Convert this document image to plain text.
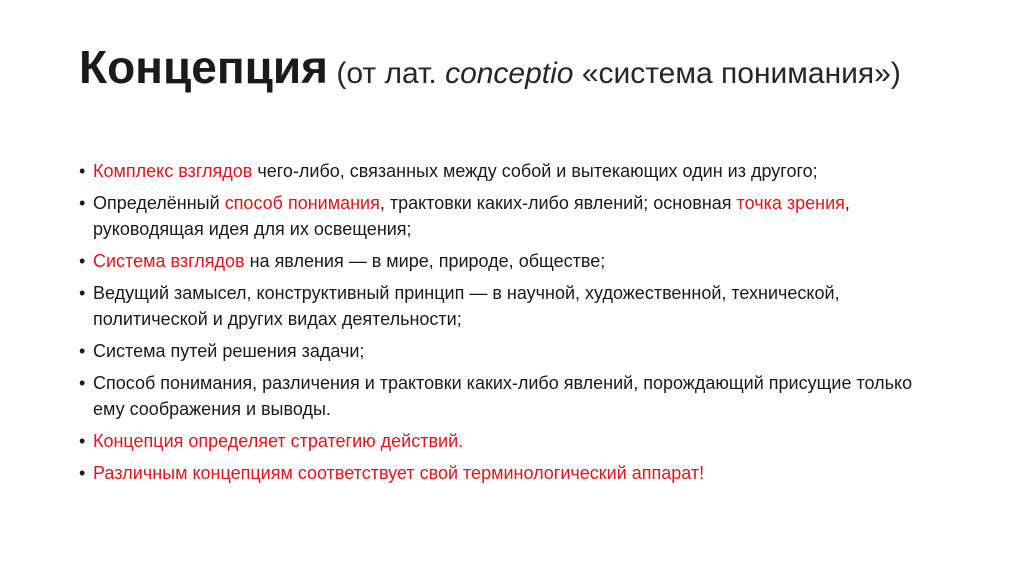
Концепция (от лат. conceptio «система понимания»)
• Комплекс взглядов чего-либо, связанных между собой и вытекающих один из другого;
• Определённый способ понимания, трактовки каких-либо явлений; основная точка зрения, руководящая идея для их освещения;
• Система взглядов на явления — в мире, природе, обществе;
• Ведущий замысел, конструктивный принцип — в научной, художественной, технической, политической и других видах деятельности;
• Система путей решения задачи;
• Способ понимания, различения и трактовки каких-либо явлений, порождающий присущие только ему соображения и выводы.
• Концепция определяет стратегию действий.
• Различным концепциям соответствует свой терминологический аппарат!
